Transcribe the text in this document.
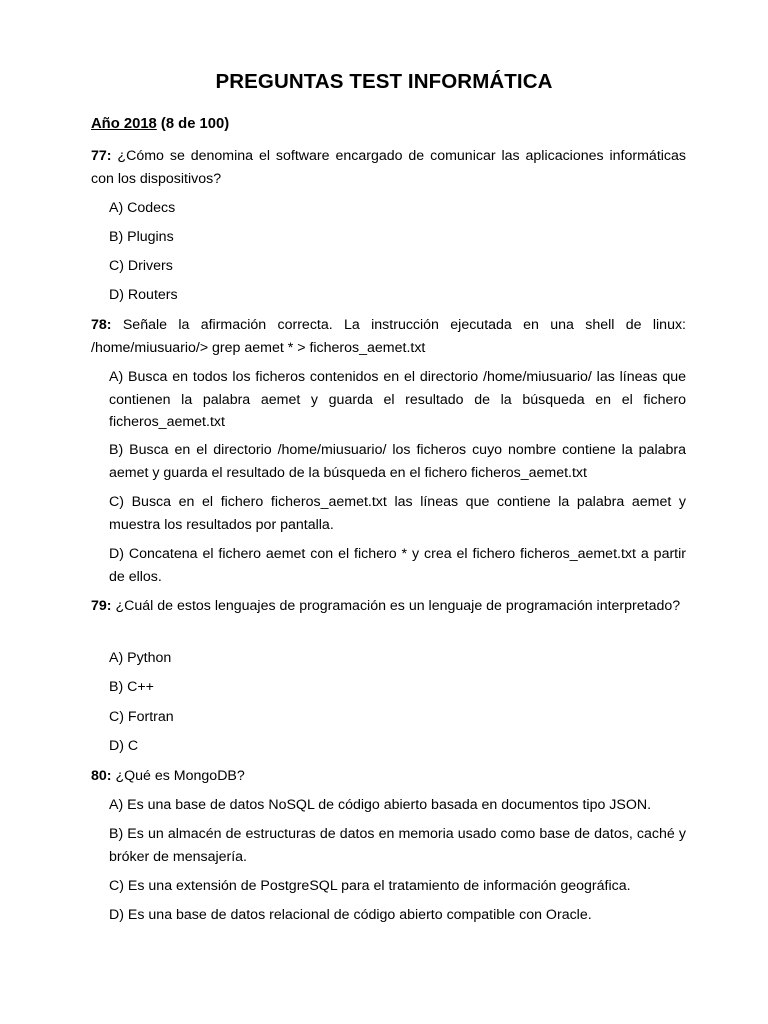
PREGUNTAS TEST INFORMÁTICA
Año 2018 (8 de 100)
77: ¿Cómo se denomina el software encargado de comunicar las aplicaciones informáticas con los dispositivos?
A) Codecs
B) Plugins
C) Drivers
D) Routers
78: Señale la afirmación correcta. La instrucción ejecutada en una shell de linux: /home/miusuario/> grep aemet * > ficheros_aemet.txt
A) Busca en todos los ficheros contenidos en el directorio /home/miusuario/ las líneas que contienen la palabra aemet y guarda el resultado de la búsqueda en el fichero ficheros_aemet.txt
B) Busca en el directorio /home/miusuario/ los ficheros cuyo nombre contiene la palabra aemet y guarda el resultado de la búsqueda en el fichero ficheros_aemet.txt
C) Busca en el fichero ficheros_aemet.txt las líneas que contiene la palabra aemet y muestra los resultados por pantalla.
D) Concatena el fichero aemet con el fichero * y crea el fichero ficheros_aemet.txt a partir de ellos.
79: ¿Cuál de estos lenguajes de programación es un lenguaje de programación interpretado?
A) Python
B) C++
C) Fortran
D) C
80: ¿Qué es MongoDB?
A) Es una base de datos NoSQL de código abierto basada en documentos tipo JSON.
B) Es un almacén de estructuras de datos en memoria usado como base de datos, caché y bróker de mensajería.
C) Es una extensión de PostgreSQL para el tratamiento de información geográfica.
D) Es una base de datos relacional de código abierto compatible con Oracle.
